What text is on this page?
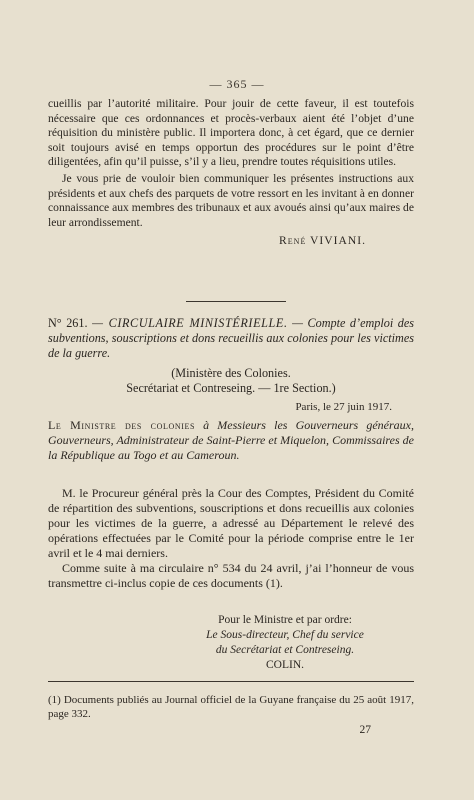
— 365 —

cueillis par l’autorité militaire. Pour jouir de cette faveur, il est toutefois nécessaire que ces ordonnances et procès-verbaux aient été l’objet d’une réquisition du ministère public. Il importera donc, à cet égard, que ce dernier soit toujours avisé en temps opportun des procédures sur le point d’être diligentées, afin qu’il puisse, s’il y a lieu, prendre toutes réquisitions utiles.

Je vous prie de vouloir bien communiquer les présentes instructions aux présidents et aux chefs des parquets de votre ressort en les invitant à en donner connaissance aux membres des tribunaux et aux avoués ainsi qu’aux maires de leur arrondissement.

René VIVIANI.

N° 261. — CIRCULAIRE MINISTÉRIELLE. — Compte d’emploi des subventions, souscriptions et dons recueillis aux colonies pour les victimes de la guerre.
(Ministère des Colonies.
Secrétariat et Contreseing. — 1re Section.)
Paris, le 27 juin 1917.
Le Ministre des colonies à Messieurs les Gouverneurs généraux, Gouverneurs, Administrateur de Saint-Pierre et Miquelon, Commissaires de la République au Togo et au Cameroun.

M. le Procureur général près la Cour des Comptes, Président du Comité de répartition des subventions, souscriptions et dons recueillis aux colonies pour les victimes de la guerre, a adressé au Département le relevé des opérations effectuées par le Comité pour la période comprise entre le 1er avril et le 4 mai derniers.

Comme suite à ma circulaire n° 534 du 24 avril, j’ai l’honneur de vous transmettre ci-inclus copie de ces documents (1).

Pour le Ministre et par ordre:
Le Sous-directeur, Chef du service
du Secrétariat et Contreseing.
COLIN.
(1) Documents publiés au Journal officiel de la Guyane française du 25 août 1917, page 332.
27
